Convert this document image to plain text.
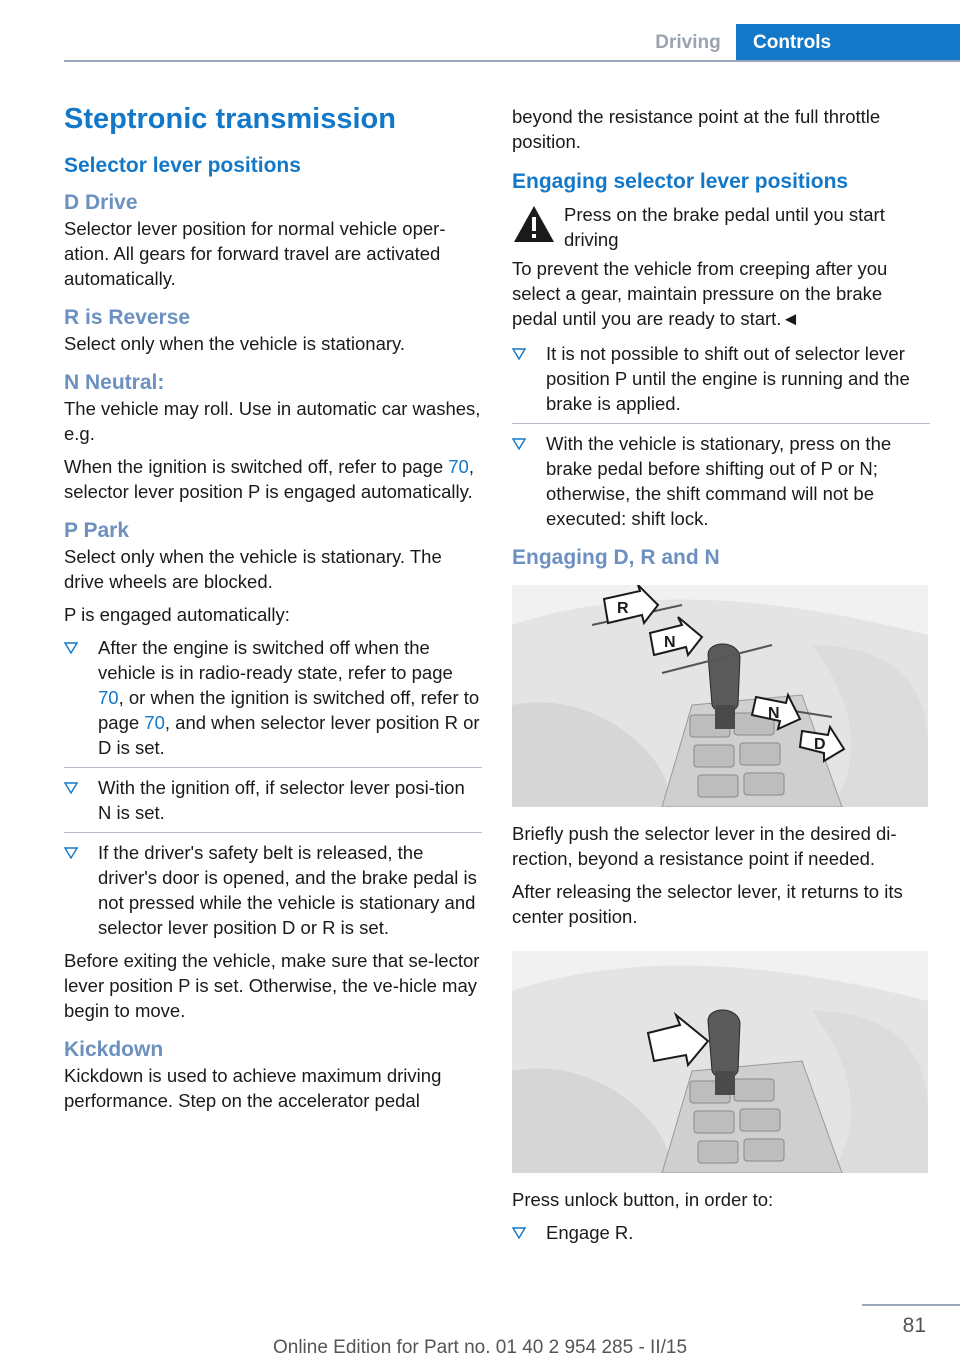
Driving	Controls
Steptronic transmission
Selector lever positions
D Drive

Selector lever position for normal vehicle oper‐ation. All gears for forward travel are activated automatically.

R is Reverse

Select only when the vehicle is stationary.

N Neutral:

The vehicle may roll. Use in automatic car washes, e.g.

When the ignition is switched off, refer to page 70, selector lever position P is engaged automatically.

P Park

Select only when the vehicle is stationary. The drive wheels are blocked.

P is engaged automatically:

After the engine is switched off when the vehicle is in radio-ready state, refer to page 70, or when the ignition is switched off, refer to page 70, and when selector lever position R or D is set.
With the ignition off, if selector lever posi‐tion N is set.
If the driver's safety belt is released, the driver's door is opened, and the brake pedal is not pressed while the vehicle is stationary and selector lever position D or R is set.

Before exiting the vehicle, make sure that se‐lector lever position P is set. Otherwise, the ve‐hicle may begin to move.

Kickdown

Kickdown is used to achieve maximum driving performance. Step on the accelerator pedal

beyond the resistance point at the full throttle position.

Engaging selector lever positions

Press on the brake pedal until you start driving

To prevent the vehicle from creeping after you select a gear, maintain pressure on the brake pedal until you are ready to start.◄

It is not possible to shift out of selector lever position P until the engine is running and the brake is applied.
With the vehicle is stationary, press on the brake pedal before shifting out of P or N; otherwise, the shift command will not be executed: shift lock.
Engaging D, R and N
R
N
N
D

Briefly push the selector lever in the desired di‐rection, beyond a resistance point if needed.

After releasing the selector lever, it returns to its center position.

Press unlock button, in order to:

Engage R.
81
Online Edition for Part no. 01 40 2 954 285 - II/15
